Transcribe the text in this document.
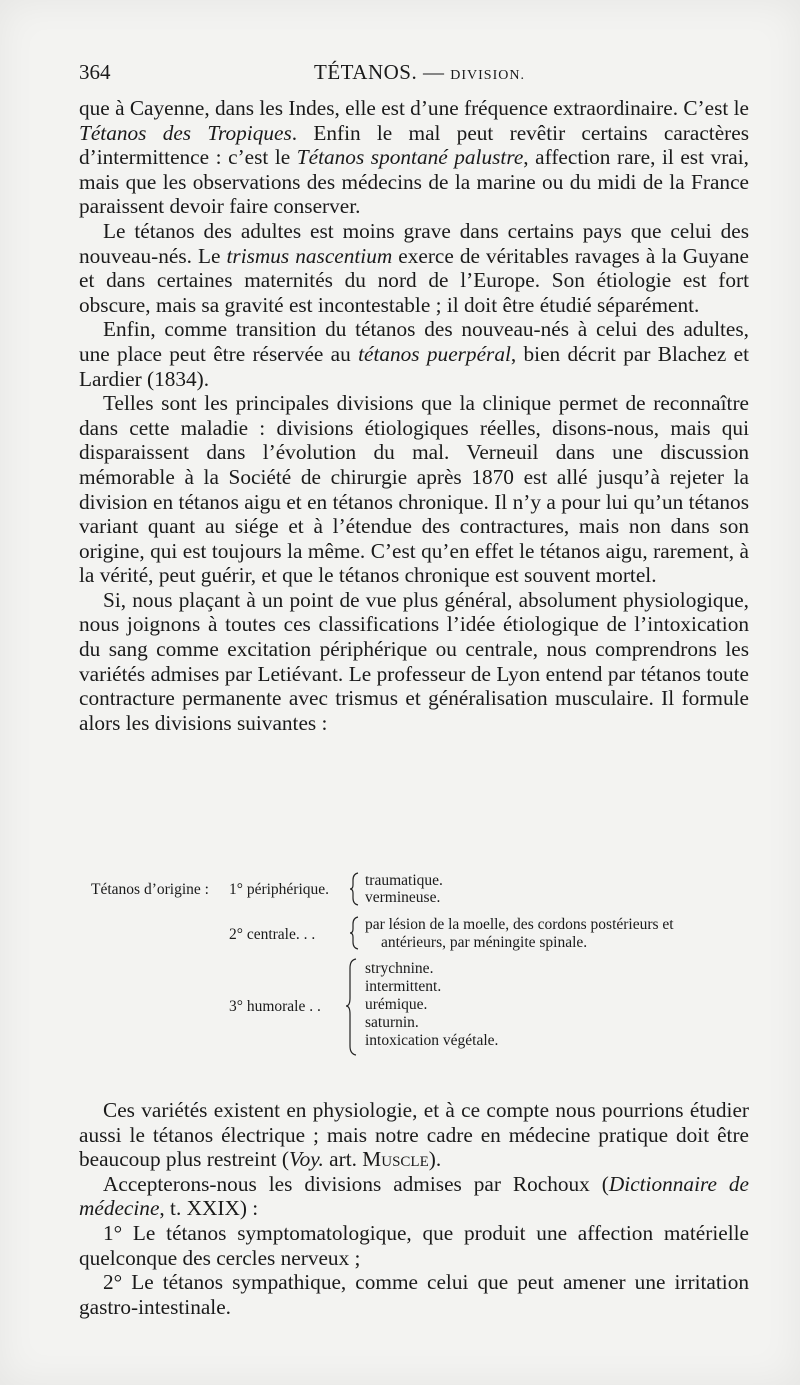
364	TÉTANOS. — DIVISION.

que à Cayenne, dans les Indes, elle est d’une fréquence extraordinaire. C’est le Tétanos des Tropiques. Enfin le mal peut revêtir certains caractères d’intermittence : c’est le Tétanos spontané palustre, affection rare, il est vrai, mais que les observations des médecins de la marine ou du midi de la France paraissent devoir faire conserver.

Le tétanos des adultes est moins grave dans certains pays que celui des nouveau-nés. Le trismus nascentium exerce de véritables ravages à la Guyane et dans certaines maternités du nord de l’Europe. Son étiologie est fort obscure, mais sa gravité est incontestable ; il doit être étudié séparément.

Enfin, comme transition du tétanos des nouveau-nés à celui des adultes, une place peut être réservée au tétanos puerpéral, bien décrit par Blachez et Lardier (1834).

Telles sont les principales divisions que la clinique permet de reconnaître dans cette maladie : divisions étiologiques réelles, disons-nous, mais qui disparaissent dans l’évolution du mal. Verneuil dans une discussion mémorable à la Société de chirurgie après 1870 est allé jusqu’à rejeter la division en tétanos aigu et en tétanos chronique. Il n’y a pour lui qu’un tétanos variant quant au siége et à l’étendue des contractures, mais non dans son origine, qui est toujours la même. C’est qu’en effet le tétanos aigu, rarement, à la vérité, peut guérir, et que le tétanos chronique est souvent mortel.

Si, nous plaçant à un point de vue plus général, absolument physiologique, nous joignons à toutes ces classifications l’idée étiologique de l’intoxication du sang comme excitation périphérique ou centrale, nous comprendrons les variétés admises par Letiévant. Le professeur de Lyon entend par tétanos toute contracture permanente avec trismus et généralisation musculaire. Il formule alors les divisions suivantes :

Tétanos d’origine : 1° périphérique.
traumatique.
vermineuse.
2° centrale. . .
par lésion de la moelle, des cordons postérieurs et
antérieurs, par méningite spinale.
3° humorale . .
strychnine.
intermittent.
urémique.
saturnin.
intoxication végétale.

Ces variétés existent en physiologie, et à ce compte nous pourrions étudier aussi le tétanos électrique ; mais notre cadre en médecine pratique doit être beaucoup plus restreint (Voy. art. Muscle).

Accepterons-nous les divisions admises par Rochoux (Dictionnaire de médecine, t. XXIX) :

1° Le tétanos symptomatologique, que produit une affection matérielle quelconque des cercles nerveux ;

2° Le tétanos sympathique, comme celui que peut amener une irritation gastro-intestinale.
